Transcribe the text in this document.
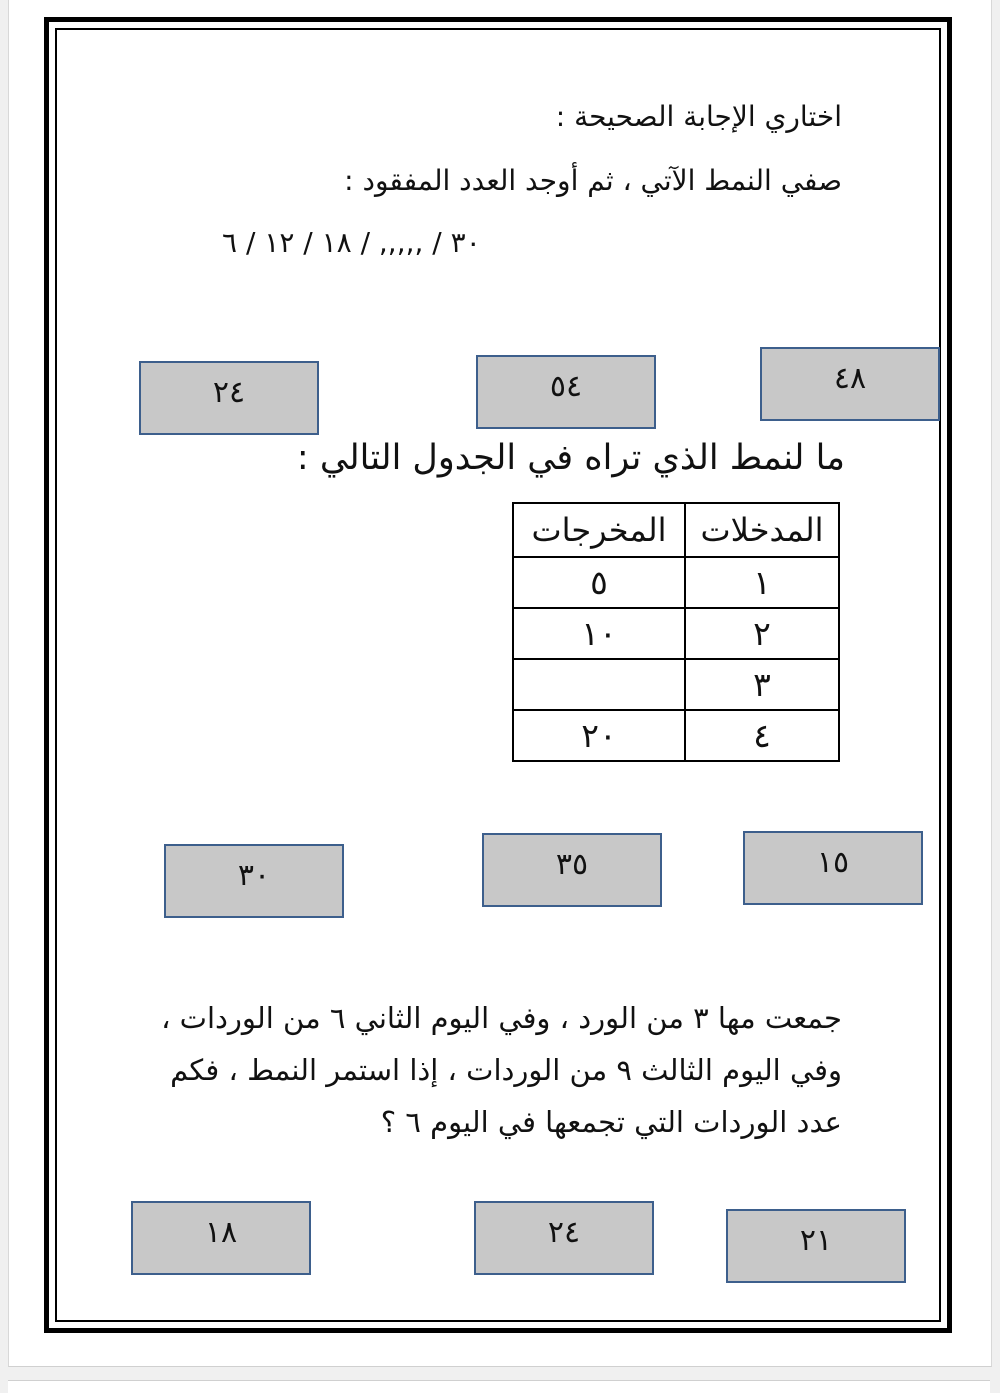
اختاري الإجابة الصحيحة :
صفي النمط الآتي ، ثم أوجد العدد المفقود :
٣٠ / ,,,,, / ١٨ / ١٢ / ٦
٤٨
٥٤
٢٤
ما لنمط الذي تراه في الجدول التالي :
المدخلات	المخرجات
١	٥
٢	١٠
٣	
٤	٢٠
١٥
٣٥
٣٠
جمعت مها ٣ من الورد ، وفي اليوم الثاني ٦ من الوردات ، وفي اليوم الثالث ٩ من الوردات ، إذا استمر النمط ، فكم عدد الوردات التي تجمعها في اليوم ٦ ؟
٢١
٢٤
١٨
